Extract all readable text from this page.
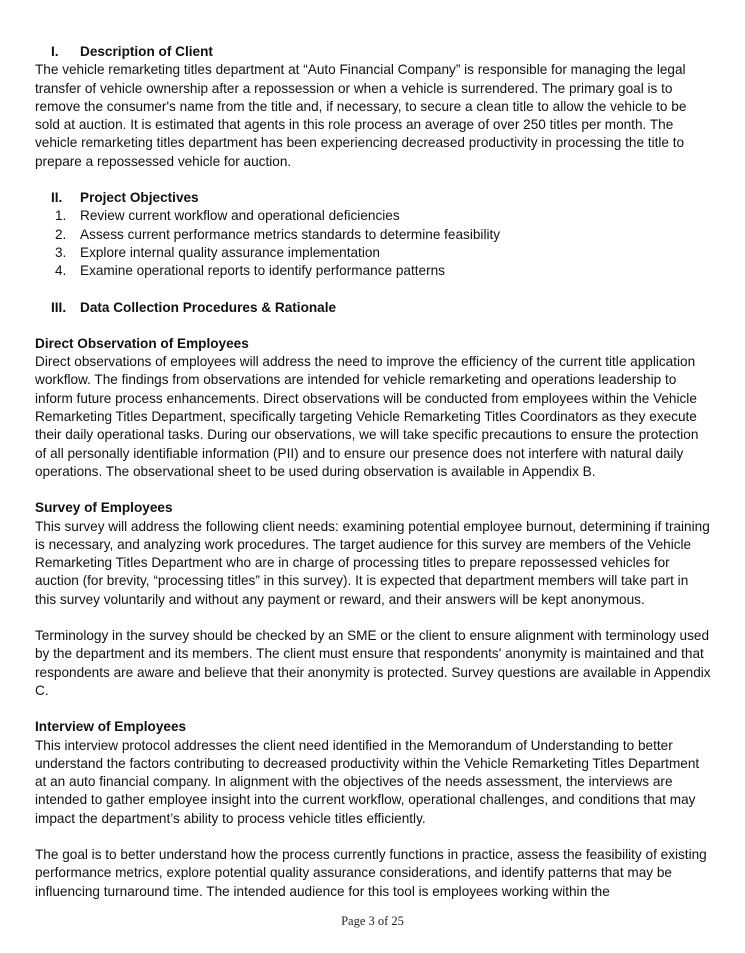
I.	Description of Client

The vehicle remarketing titles department at “Auto Financial Company” is responsible for managing the legal transfer of vehicle ownership after a repossession or when a vehicle is surrendered. The primary goal is to remove the consumer's name from the title and, if necessary, to secure a clean title to allow the vehicle to be sold at auction. It is estimated that agents in this role process an average of over 250 titles per month. The vehicle remarketing titles department has been experiencing decreased productivity in processing the title to prepare a repossessed vehicle for auction.

II.	Project Objectives
1.	Review current workflow and operational deficiencies
2.	Assess current performance metrics standards to determine feasibility
3.	Explore internal quality assurance implementation
4.	Examine operational reports to identify performance patterns
III.	Data Collection Procedures & Rationale

Direct Observation of Employees

Direct observations of employees will address the need to improve the efficiency of the current title application workflow. The findings from observations are intended for vehicle remarketing and operations leadership to inform future process enhancements. Direct observations will be conducted from employees within the Vehicle Remarketing Titles Department, specifically targeting Vehicle Remarketing Titles Coordinators as they execute their daily operational tasks. During our observations, we will take specific precautions to ensure the protection of all personally identifiable information (PII) and to ensure our presence does not interfere with natural daily operations. The observational sheet to be used during observation is available in Appendix B.

Survey of Employees

This survey will address the following client needs: examining potential employee burnout, determining if training is necessary, and analyzing work procedures. The target audience for this survey are members of the Vehicle Remarketing Titles Department who are in charge of processing titles to prepare repossessed vehicles for auction (for brevity, “processing titles” in this survey). It is expected that department members will take part in this survey voluntarily and without any payment or reward, and their answers will be kept anonymous.

Terminology in the survey should be checked by an SME or the client to ensure alignment with terminology used by the department and its members. The client must ensure that respondents' anonymity is maintained and that respondents are aware and believe that their anonymity is protected. Survey questions are available in Appendix C.

Interview of Employees

This interview protocol addresses the client need identified in the Memorandum of Understanding to better understand the factors contributing to decreased productivity within the Vehicle Remarketing Titles Department at an auto financial company. In alignment with the objectives of the needs assessment, the interviews are intended to gather employee insight into the current workflow, operational challenges, and conditions that may impact the department’s ability to process vehicle titles efficiently.

The goal is to better understand how the process currently functions in practice, assess the feasibility of existing performance metrics, explore potential quality assurance considerations, and identify patterns that may be influencing turnaround time. The intended audience for this tool is employees working within the

Page 3 of 25
